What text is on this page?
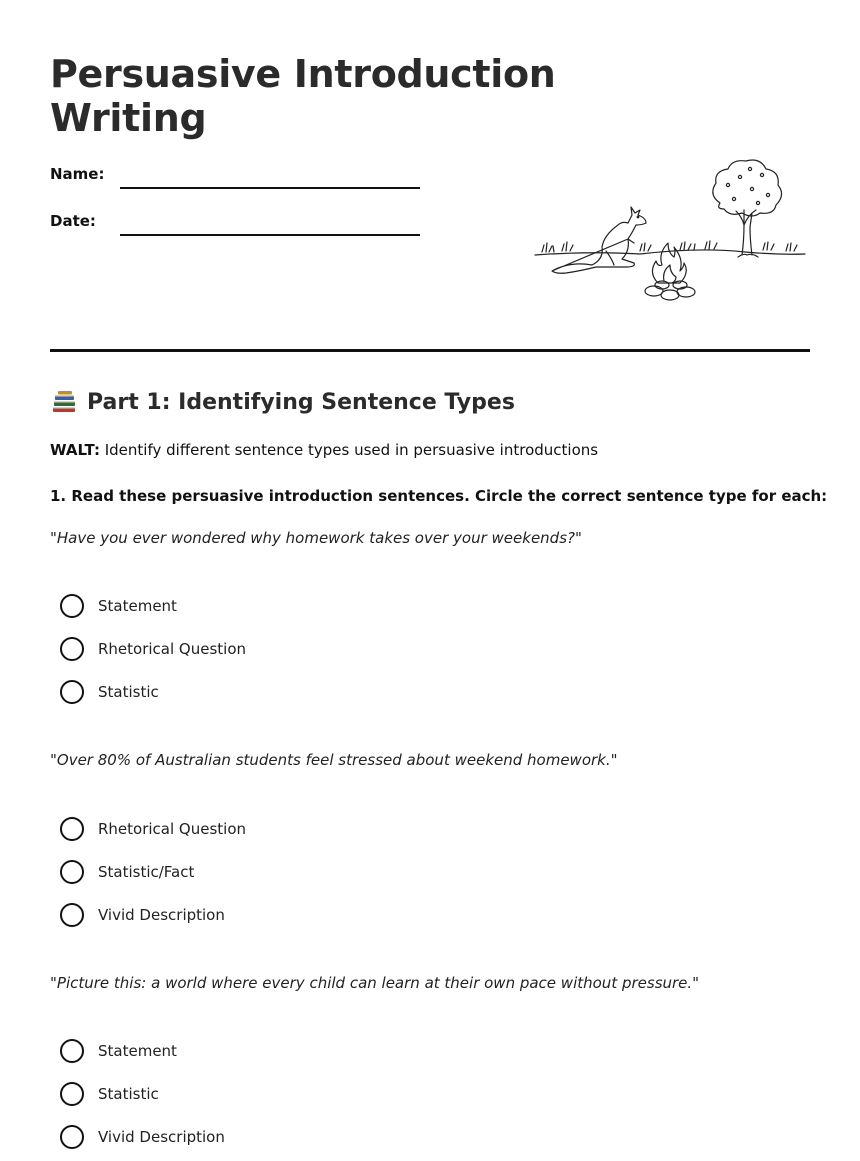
Persuasive Introduction
Writing
Name:
Date:
Part 1: Identifying Sentence Types
WALT: Identify different sentence types used in persuasive introductions
1. Read these persuasive introduction sentences. Circle the correct sentence type for each:
"Have you ever wondered why homework takes over your weekends?"
Statement
Rhetorical Question
Statistic
"Over 80% of Australian students feel stressed about weekend homework."
Rhetorical Question
Statistic/Fact
Vivid Description
"Picture this: a world where every child can learn at their own pace without pressure."
Statement
Statistic
Vivid Description
